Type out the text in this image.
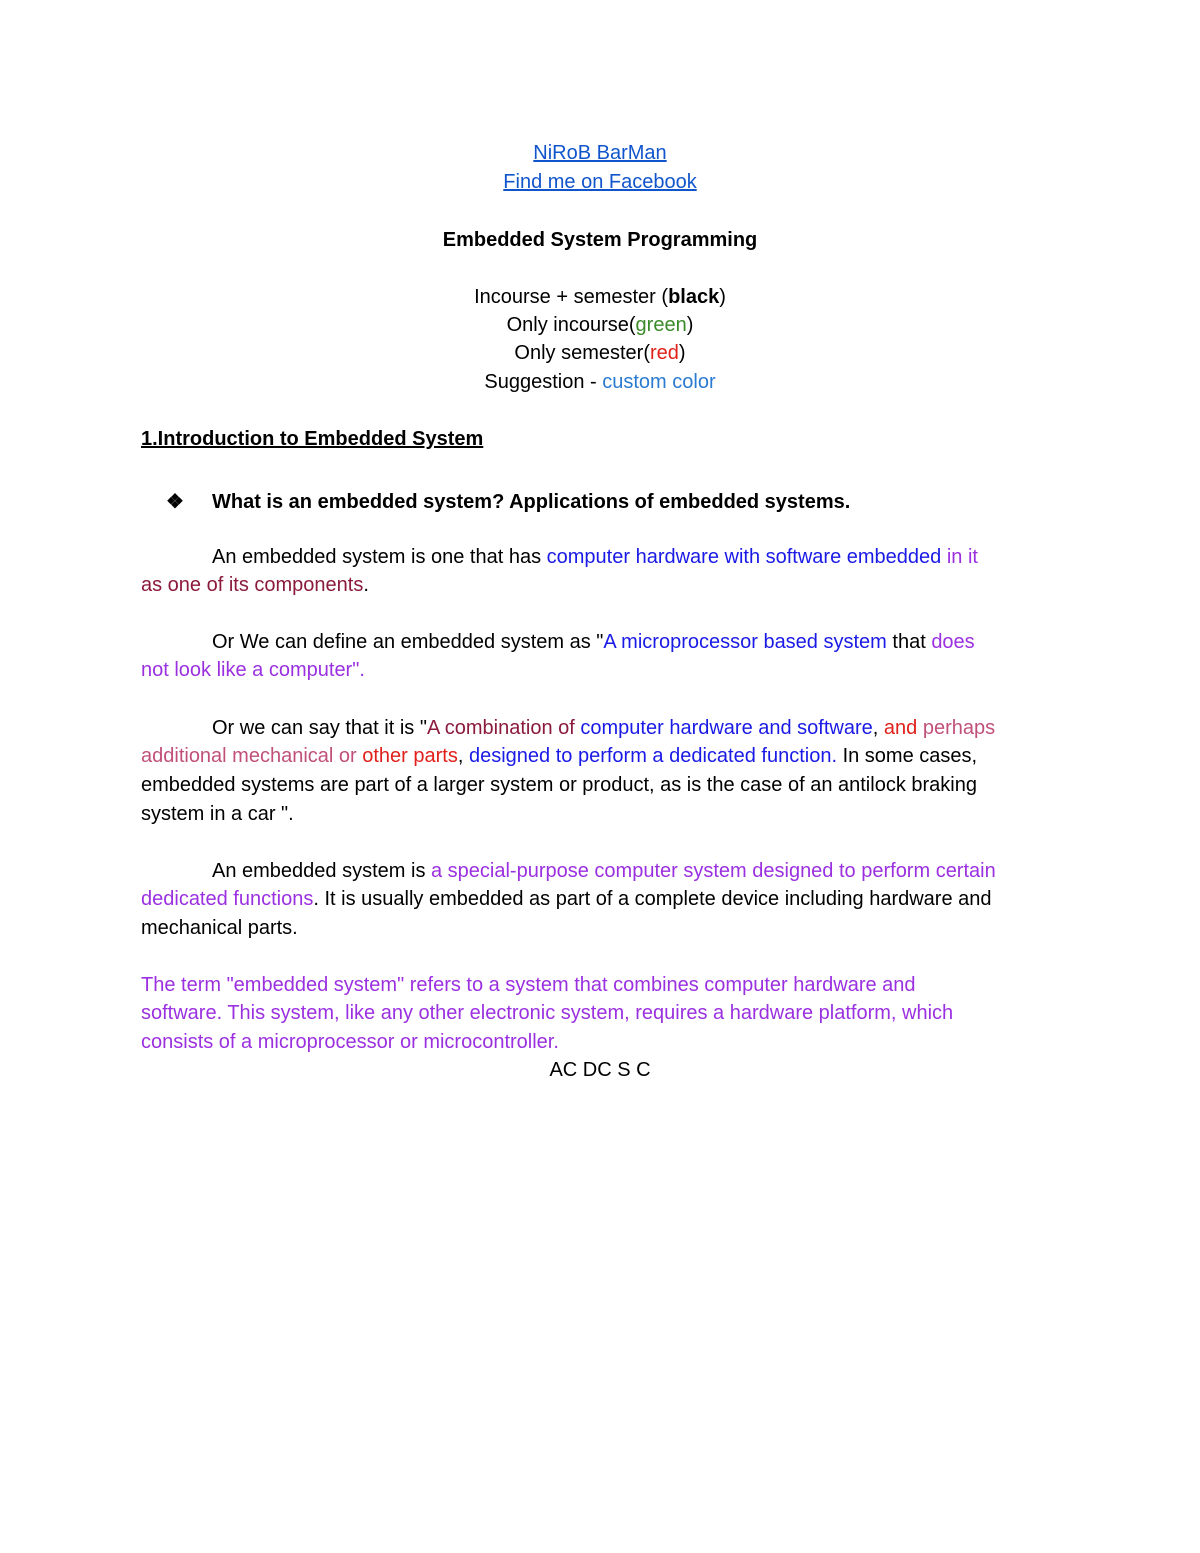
NiRoB BarMan
Find me on Facebook
Embedded System Programming
Incourse + semester (black)
Only incourse(green)
Only semester(red)
Suggestion - custom color
1.Introduction to Embedded System
❖ What is an embedded system? Applications of embedded systems.
An embedded system is one that has computer hardware with software embedded in it
as one of its components.
Or We can define an embedded system as "A microprocessor based system that does
not look like a computer".
Or we can say that it is "A combination of computer hardware and software, and perhaps
additional mechanical or other parts, designed to perform a dedicated function. In some cases,
embedded systems are part of a larger system or product, as is the case of an antilock braking
system in a car ".
An embedded system is a special-purpose computer system designed to perform certain
dedicated functions. It is usually embedded as part of a complete device including hardware and
mechanical parts.
The term "embedded system" refers to a system that combines computer hardware and
software. This system, like any other electronic system, requires a hardware platform, which
consists of a microprocessor or microcontroller.
AC DC S C
